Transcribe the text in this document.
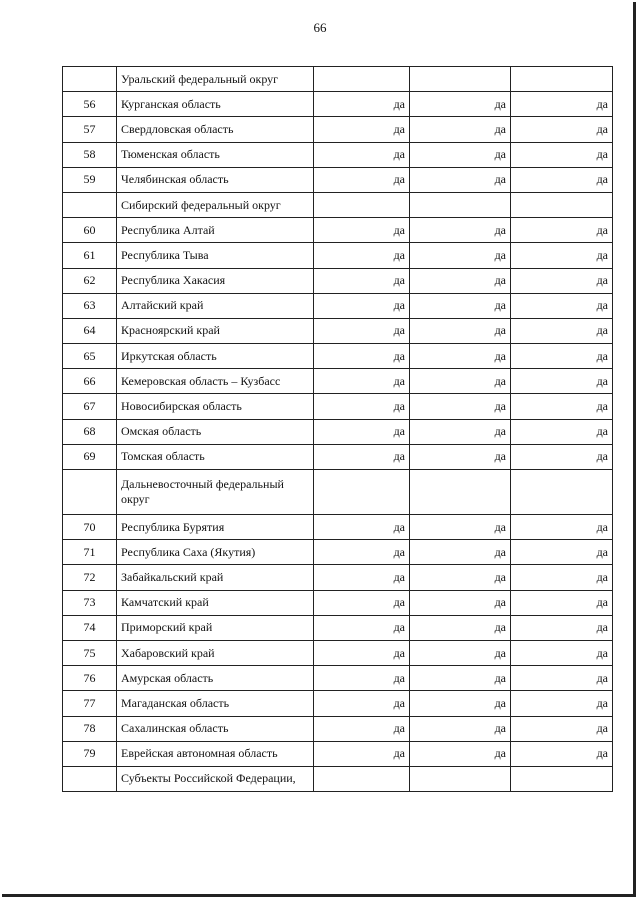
66
	Уральский федеральный округ			
56	Курганская область	да	да	да
57	Свердловская область	да	да	да
58	Тюменская область	да	да	да
59	Челябинская область	да	да	да
	Сибирский федеральный округ			
60	Республика Алтай	да	да	да
61	Республика Тыва	да	да	да
62	Республика Хакасия	да	да	да
63	Алтайский край	да	да	да
64	Красноярский край	да	да	да
65	Иркутская область	да	да	да
66	Кемеровская область – Кузбасс	да	да	да
67	Новосибирская область	да	да	да
68	Омская область	да	да	да
69	Томская область	да	да	да
	Дальневосточный федеральный округ			
70	Республика Бурятия	да	да	да
71	Республика Саха (Якутия)	да	да	да
72	Забайкальский край	да	да	да
73	Камчатский край	да	да	да
74	Приморский край	да	да	да
75	Хабаровский край	да	да	да
76	Амурская область	да	да	да
77	Магаданская область	да	да	да
78	Сахалинская область	да	да	да
79	Еврейская автономная область	да	да	да
	Субъекты Российской Федерации,			
